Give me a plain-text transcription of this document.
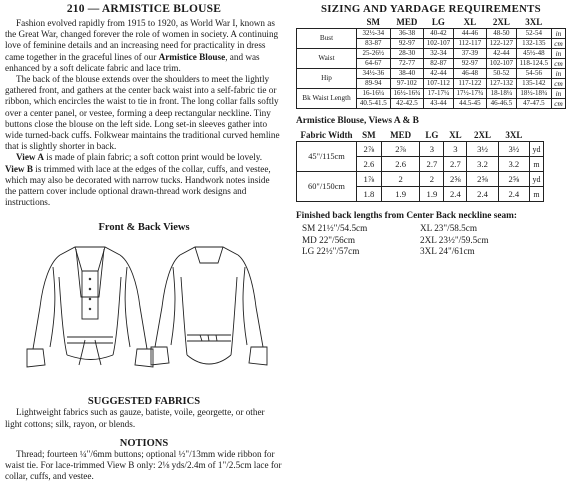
210 — ARMISTICE BLOUSE

Fashion evolved rapidly from 1915 to 1920, as World War I, known as the Great War, changed forever the role of women in society. A continuing love of feminine details and an increasing need for practicality in dress came together in the graceful lines of our Armistice Blouse, and was enhanced by a soft delicate fabric and lace trim.

The back of the blouse extends over the shoulders to meet the lightly gathered front, and gathers at the center back waist into a self-fabric tie or ribbon, which encircles the waist to tie in front. The long collar falls softly over a center panel, or vestee, forming a deep rectangular neckline. Tiny buttons close the blouse on the left side. Long set-in sleeves gather into wide turned-back cuffs. Folkwear maintains the traditional curved hemline that is slightly shorter in back.

View A is made of plain fabric; a soft cotton print would be lovely. View B is trimmed with lace at the edges of the collar, cuffs, and vestee, which may also be decorated with narrow tucks. Handwork notes inside the pattern cover include optional drawn-thread work designs and instructions.

Front & Back Views
SUGGESTED FABRICS

Lightweight fabrics such as gauze, batiste, voile, georgette, or other light cottons; silk, rayon, or blends.

NOTIONS

Thread; fourteen ¼"/6mm buttons; optional ½"/13mm wide ribbon for waist tie. For lace-trimmed View B only: 2⅛ yds/2.4m of 1"/2.5cm lace for collar, cuffs, and vestee.

SIZING AND YARDAGE REQUIREMENTS
	SM	MED	LG	XL	2XL	3XL	
Bust	32½-34	36-38	40-42	44-46	48-50	52-54	in
	83-87	92-97	102-107	112-117	122-127	132-135	cm
Waist	25-26½	28-30	32-34	37-39	42-44	45½-48	in
	64-67	72-77	82-87	92-97	102-107	118-124.5	cm
Hip	34½-36	38-40	42-44	46-48	50-52	54-56	in
	89-94	97-102	107-112	117-122	127-132	135-142	cm
Bk Waist Length	16-16¼	16½-16¾	17-17¼	17½-17¾	18-18¼	18½-18¾	in
	40.5-41.5	42-42.5	43-44	44.5-45	46-46.5	47-47.5	cm
Armistice Blouse, Views A & B
Fabric Width	SM	MED	LG	XL	2XL	3XL	
45"/115cm	2⅞	2⅞	3	3	3½	3½	yd
	2.6	2.6	2.7	2.7	3.2	3.2	m
60"/150cm	1⅞	2	2	2⅝	2⅝	2⅝	yd
	1.8	1.9	1.9	2.4	2.4	2.4	m
Finished back lengths from Center Back neckline seam:
SM 21½"/54.5cm	XL 23"/58.5cm
MD 22"/56cm	2XL 23½"/59.5cm
LG 22½"/57cm	3XL 24"/61cm
